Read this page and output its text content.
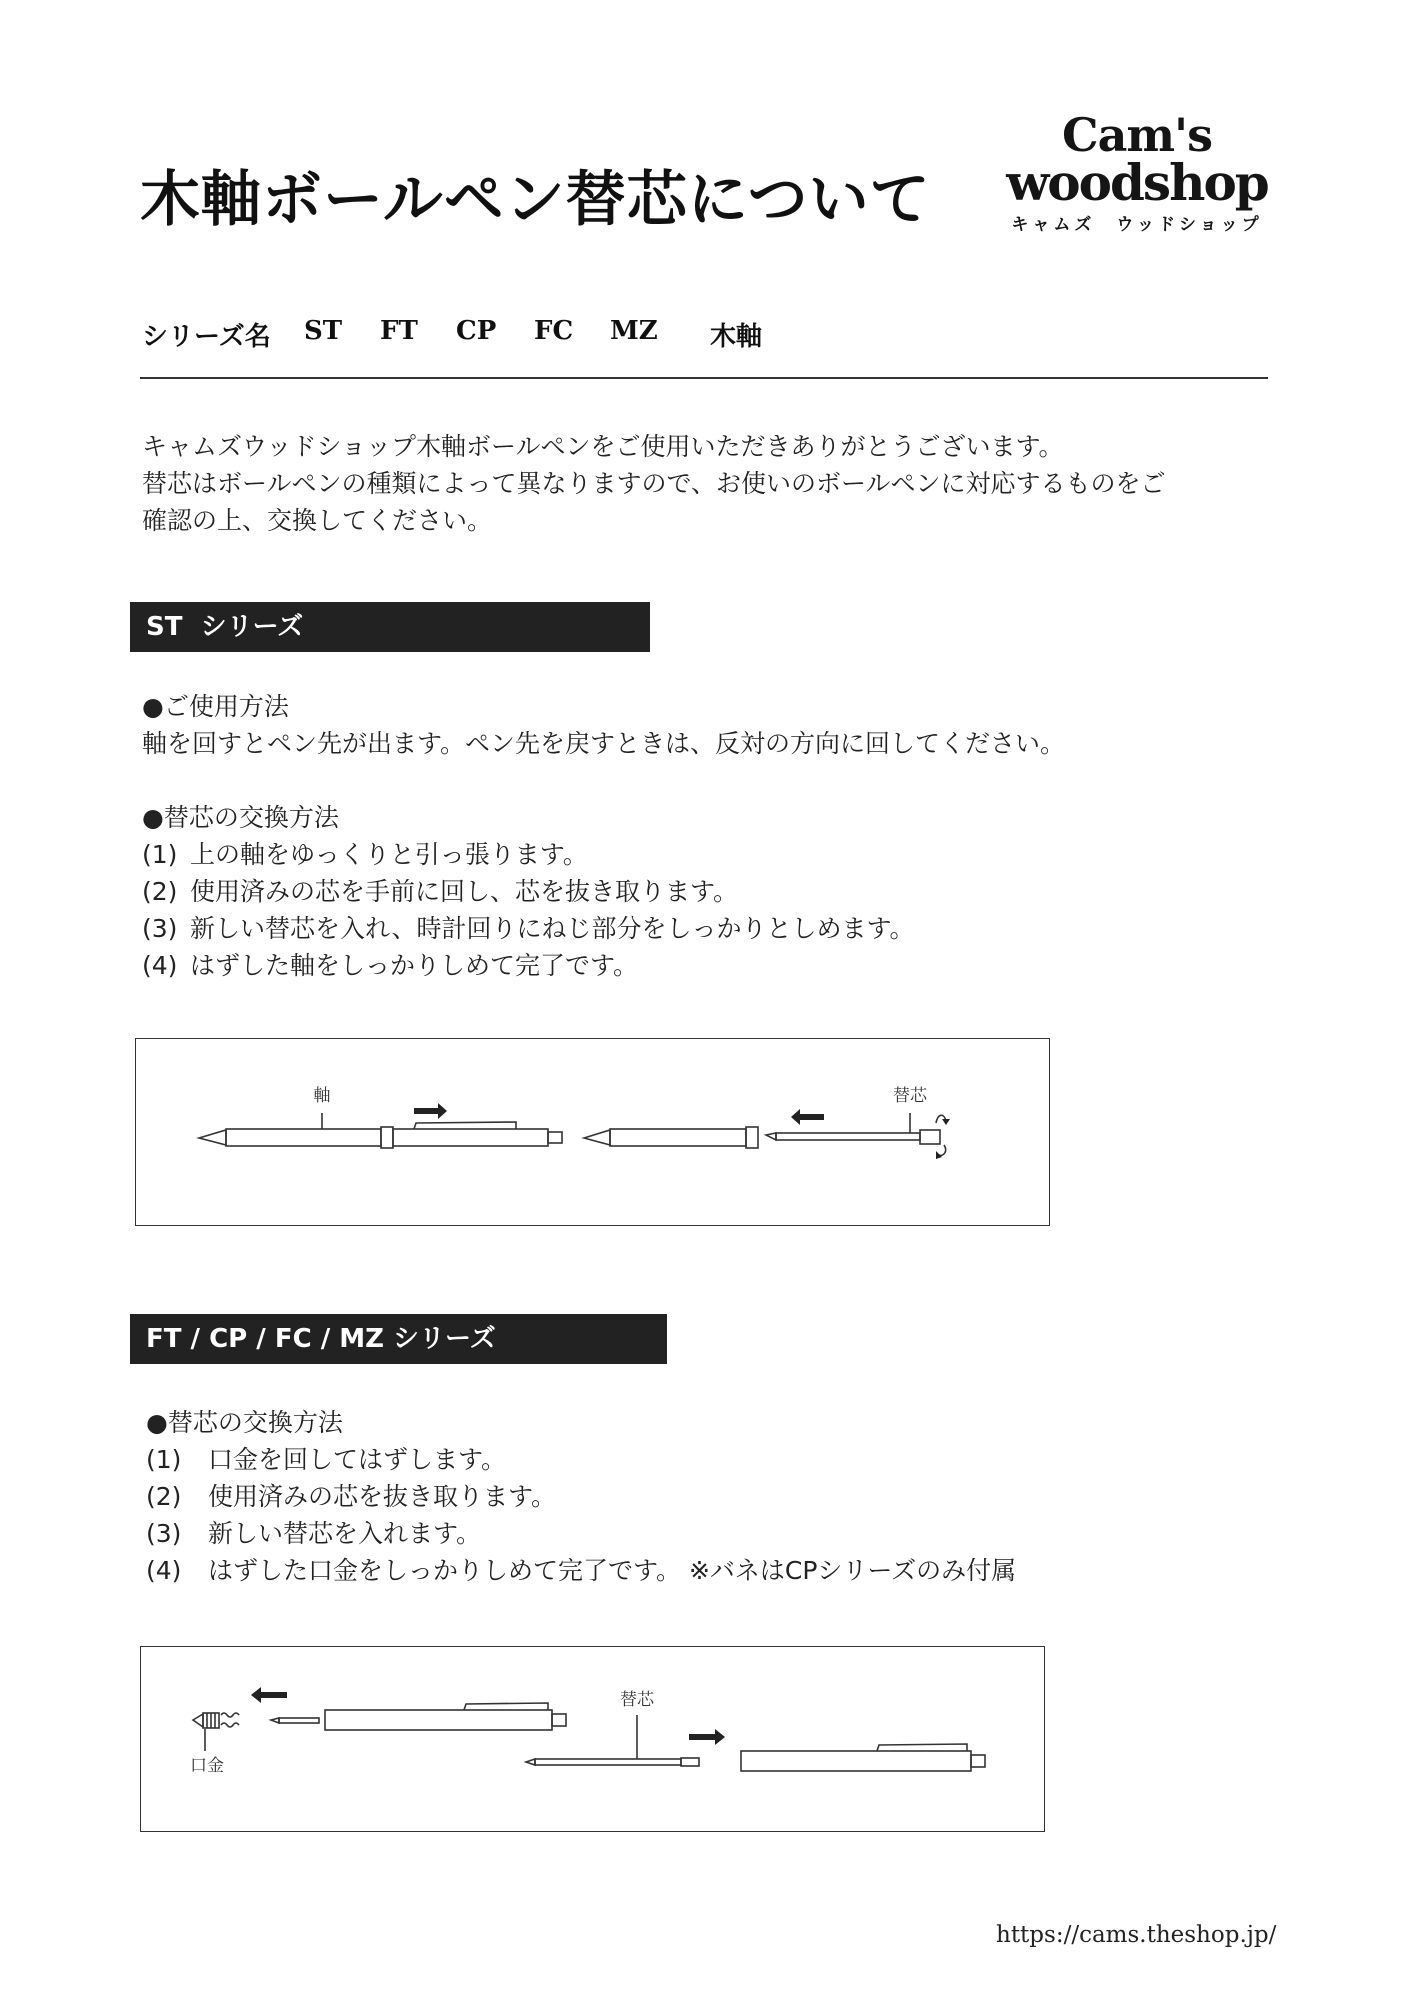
木軸ボールペン替芯について
Cam's
woodshop
キャムズ　ウッドショップ
シリーズ名 ST FT CP FC MZ 木軸
キャムズウッドショップ木軸ボールペンをご使用いただきありがとうございます。
替芯はボールペンの種類によって異なりますので、お使いのボールペンに対応するものをご
確認の上、交換してください。
ST  シリーズ
●ご使用方法
軸を回すとペン先が出ます。ペン先を戻すときは、反対の方向に回してください。
●替芯の交換方法
(1) 上の軸をゆっくりと引っ張ります。
(2) 使用済みの芯を手前に回し、芯を抜き取ります。
(3) 新しい替芯を入れ、時計回りにねじ部分をしっかりとしめます。
(4) はずした軸をしっかりしめて完了です。
軸	替芯
FT / CP / FC / MZ シリーズ
●替芯の交換方法
(1) 口金を回してはずします。
(2) 使用済みの芯を抜き取ります。
(3) 新しい替芯を入れます。
(4) はずした口金をしっかりしめて完了です。 ※バネはCPシリーズのみ付属
替芯
口金
https://cams.theshop.jp/
